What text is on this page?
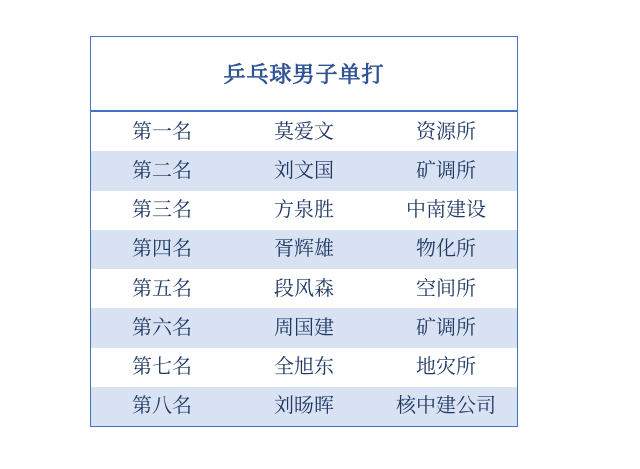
乒乓球男子单打
第一名	莫爱文	资源所
第二名	刘文国	矿调所
第三名	方泉胜	中南建设
第四名	胥辉雄	物化所
第五名	段风森	空间所
第六名	周国建	矿调所
第七名	全旭东	地灾所
第八名	刘旸晖	核中建公司
